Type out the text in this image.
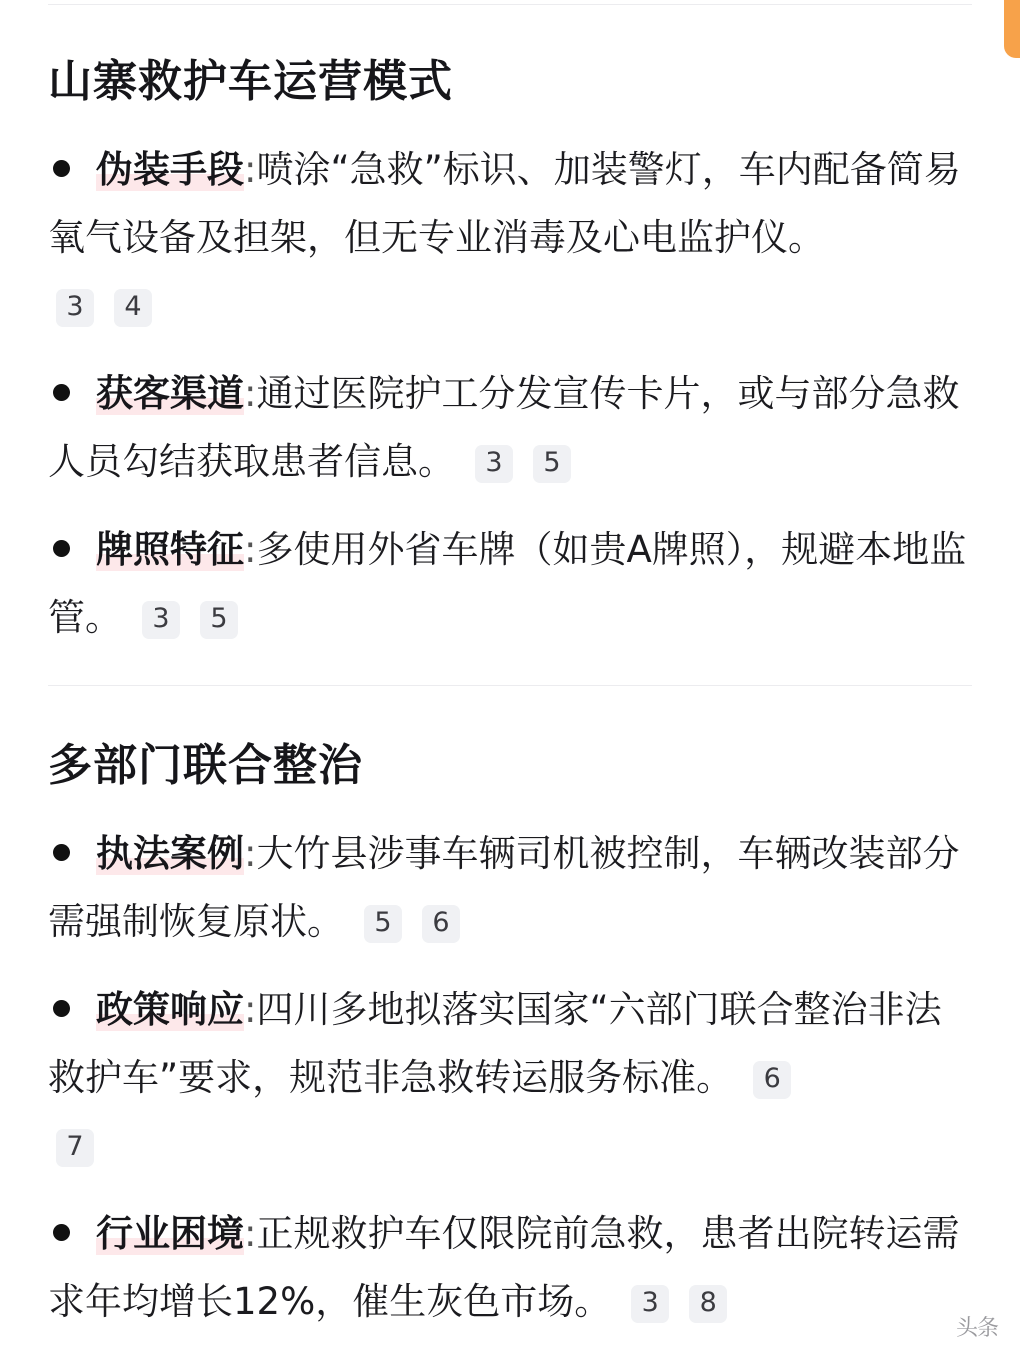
山寨救护车运营模式
伪装手段:喷涂“急救”标识、加装警灯，车内配备简易氧气设备及担架，但无专业消毒及心电监护仪。
3 4
获客渠道:通过医院护工分发宣传卡片，或与部分急救人员勾结获取患者信息。 3 5
牌照特征:多使用外省车牌（如贵A牌照），规避本地监管。 3 5
多部门联合整治
执法案例:大竹县涉事车辆司机被控制，车辆改装部分需强制恢复原状。 5 6
政策响应:四川多地拟落实国家“六部门联合整治非法救护车”要求，规范非急救转运服务标准。 6
7
行业困境:正规救护车仅限院前急救，患者出院转运需求年均增长12%，催生灰色市场。 3 8
头条
